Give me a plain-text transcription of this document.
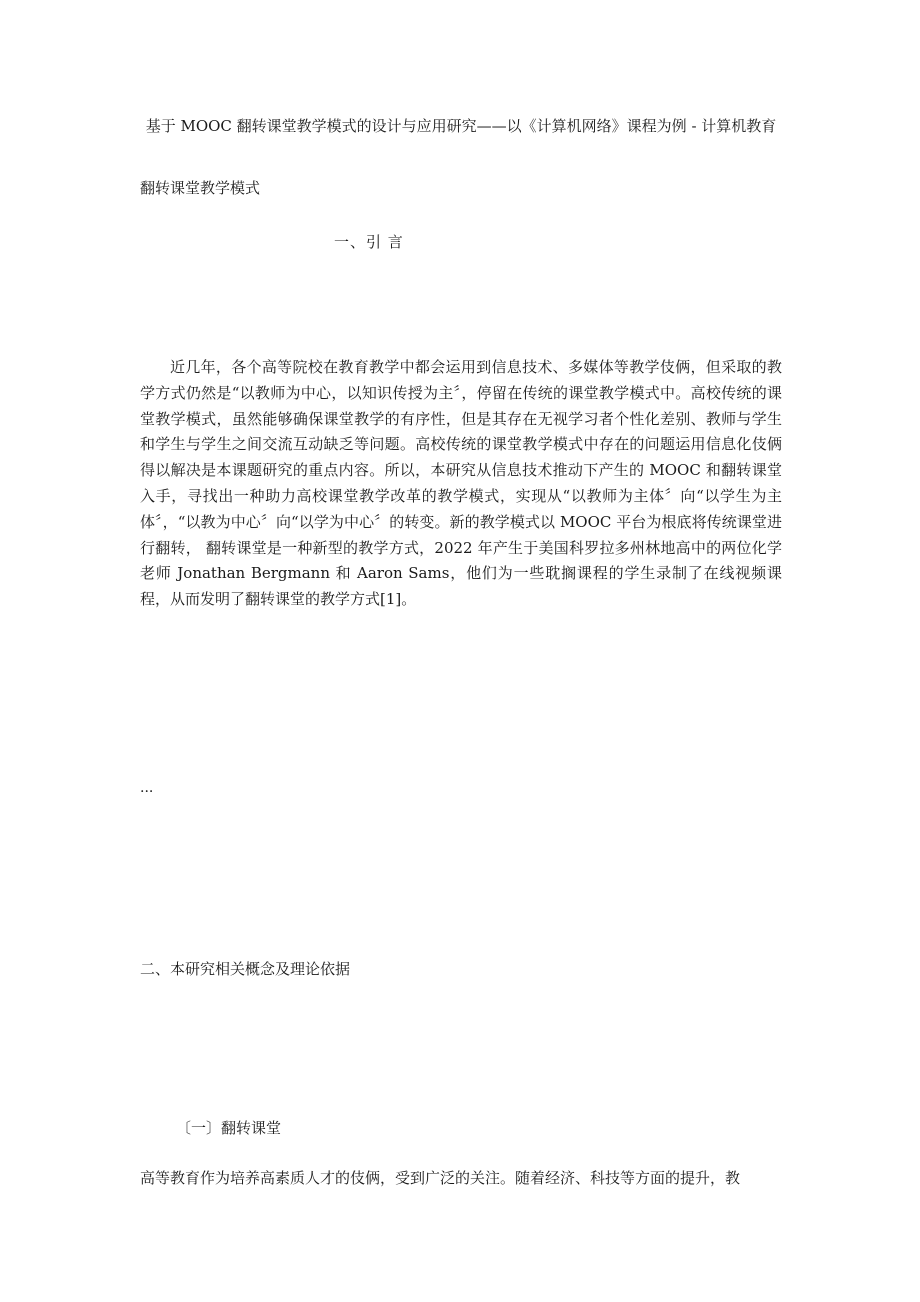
基于 MOOC 翻转课堂教学模式的设计与应用研究——以《计算机网络》课程为例 - 计算机教育
翻转课堂教学模式
一、引 言
近几年，各个高等院校在教育教学中都会运用到信息技术、多媒体等教学伎俩，但采取的教学方式仍然是“以教师为中心，以知识传授为主〞，停留在传统的课堂教学模式中。高校传统的课堂教学模式，虽然能够确保课堂教学的有序性，但是其存在无视学习者个性化差别、教师与学生和学生与学生之间交流互动缺乏等问题。高校传统的课堂教学模式中存在的问题运用信息化伎俩得以解决是本课题研究的重点内容。所以，本研究从信息技术推动下产生的 MOOC 和翻转课堂入手，寻找出一种助力高校课堂教学改革的教学模式，实现从“以教师为主体〞向“以学生为主体〞，“以教为中心〞向“以学为中心〞的转变。新的教学模式以 MOOC 平台为根底将传统课堂进行翻转， 翻转课堂是一种新型的教学方式，2022 年产生于美国科罗拉多州林地高中的两位化学老师 Jonathan Bergmann 和 Aaron Sams，他们为一些耽搁课程的学生录制了在线视频课程，从而发明了翻转课堂的教学方式[1]。
...
二、本研究相关概念及理论依据
〔一〕翻转课堂
高等教育作为培养高素质人才的伎俩，受到广泛的关注。随着经济、科技等方面的提升，教
